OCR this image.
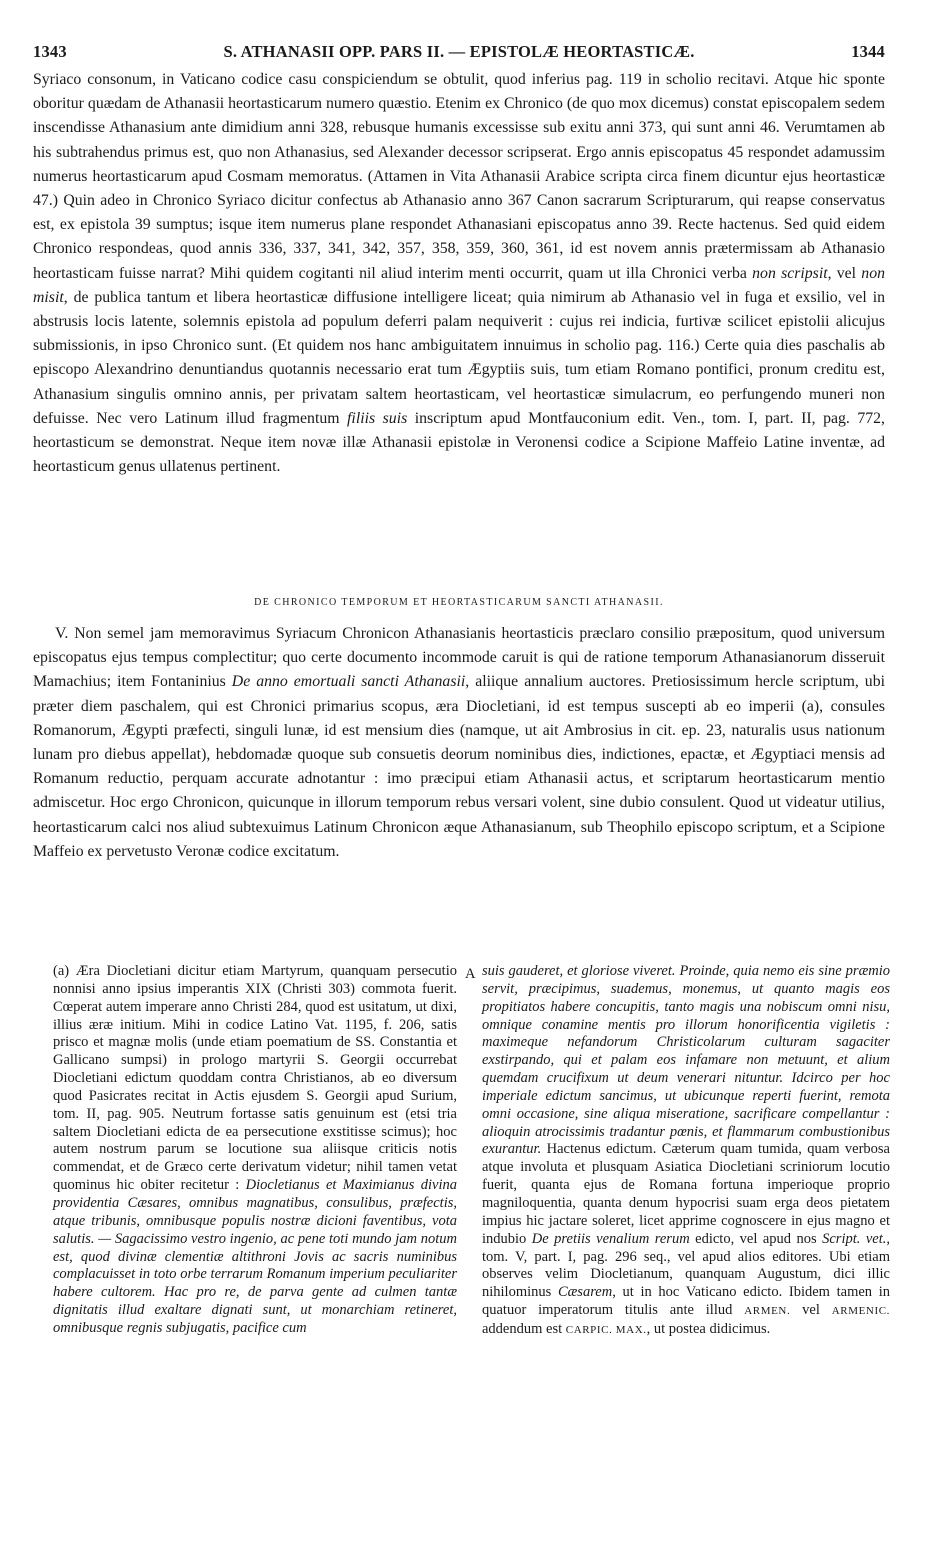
1343	S. ATHANASII OPP. PARS II. — EPISTOLÆ HEORTASTICÆ.	1344

Syriaco consonum, in Vaticano codice casu conspiciendum se obtulit, quod inferius pag. 119 in scholio recitavi. Atque hic sponte oboritur quædam de Athanasii heortasticarum numero quæstio. Etenim ex Chronico (de quo mox dicemus) constat episcopalem sedem inscendisse Athanasium ante dimidium anni 328, rebusque humanis excessisse sub exitu anni 373, qui sunt anni 46. Verumtamen ab his subtrahendus primus est, quo non Athanasius, sed Alexander decessor scripserat. Ergo annis episcopatus 45 respondet adamussim numerus heortasticarum apud Cosmam memoratus. (Attamen in Vita Athanasii Arabice scripta circa finem dicuntur ejus heortasticæ 47.) Quin adeo in Chronico Syriaco dicitur confectus ab Athanasio anno 367 Canon sacrarum Scripturarum, qui reapse conservatus est, ex epistola 39 sumptus; isque item numerus plane respondet Athanasiani episcopatus anno 39. Recte hactenus. Sed quid eidem Chronico respondeas, quod annis 336, 337, 341, 342, 357, 358, 359, 360, 361, id est novem annis prætermissam ab Athanasio heortasticam fuisse narrat? Mihi quidem cogitanti nil aliud interim menti occurrit, quam ut illa Chronici verba non scripsit, vel non misit, de publica tantum et libera heortasticæ diffusione intelligere liceat; quia nimirum ab Athanasio vel in fuga et exsilio, vel in abstrusis locis latente, solemnis epistola ad populum deferri palam nequiverit : cujus rei indicia, furtivæ scilicet epistolii alicujus submissionis, in ipso Chronico sunt. (Et quidem nos hanc ambiguitatem innuimus in scholio pag. 116.) Certe quia dies paschalis ab episcopo Alexandrino denuntiandus quotannis necessario erat tum Ægyptiis suis, tum etiam Romano pontifici, pronum creditu est, Athanasium singulis omnino annis, per privatam saltem heortasticam, vel heortasticæ simulacrum, eo perfungendo muneri non defuisse. Nec vero Latinum illud fragmentum filiis suis inscriptum apud Montfauconium edit. Ven., tom. I, part. II, pag. 772, heortasticum se demonstrat. Neque item novæ illæ Athanasii epistolæ in Veronensi codice a Scipione Maffeio Latine inventæ, ad heortasticum genus ullatenus pertinent.

DE CHRONICO TEMPORUM ET HEORTASTICARUM SANCTI ATHANASII.

V. Non semel jam memoravimus Syriacum Chronicon Athanasianis heortasticis præclaro consilio præpositum, quod universum episcopatus ejus tempus complectitur; quo certe documento incommode caruit is qui de ratione temporum Athanasianorum disseruit Mamachius; item Fontaninius De anno emortuali sancti Athanasii, aliique annalium auctores. Pretiosissimum hercle scriptum, ubi præter diem paschalem, qui est Chronici primarius scopus, æra Diocletiani, id est tempus suscepti ab eo imperii (a), consules Romanorum, Ægypti præfecti, singuli lunæ, id est mensium dies (namque, ut ait Ambrosius in cit. ep. 23, naturalis usus nationum lunam pro diebus appellat), hebdomadæ quoque sub consuetis deorum nominibus dies, indictiones, epactæ, et Ægyptiaci mensis ad Romanum reductio, perquam accurate adnotantur : imo præcipui etiam Athanasii actus, et scriptarum heortasticarum mentio admiscetur. Hoc ergo Chronicon, quicunque in illorum temporum rebus versari volent, sine dubio consulent. Quod ut videatur utilius, heortasticarum calci nos aliud subtexuimus Latinum Chronicon æque Athanasianum, sub Theophilo episcopo scriptum, et a Scipione Maffeio ex pervetusto Veronæ codice excitatum.

(a) Æra Diocletiani dicitur etiam Martyrum, quanquam persecutio nonnisi anno ipsius imperantis XIX (Christi 303) commota fuerit. Cœperat autem imperare anno Christi 284, quod est usitatum, ut dixi, illius æræ initium. Mihi in codice Latino Vat. 1195, f. 206, satis prisco et magnæ molis (unde etiam poematium de SS. Constantia et Gallicano sumpsi) in prologo martyrii S. Georgii occurrebat Diocletiani edictum quoddam contra Christianos, ab eo diversum quod Pasicrates recitat in Actis ejusdem S. Georgii apud Surium, tom. II, pag. 905. Neutrum fortasse satis genuinum est (etsi tria saltem Diocletiani edicta de ea persecutione exstitisse scimus); hoc autem nostrum parum se locutione sua aliisque criticis notis commendat, et de Græco certe derivatum videtur; nihil tamen vetat quominus hic obiter recitetur : Diocletianus et Maximianus divina providentia Cæsares, omnibus magnatibus, consulibus, præfectis, atque tribunis, omnibusque populis nostræ dicioni faventibus, vota salutis. — Sagacissimo vestro ingenio, ac pene toti mundo jam notum est, quod divinæ clementiæ altithroni Jovis ac sacris numinibus complacuisset in toto orbe terrarum Romanum imperium peculiariter habere cultorem. Hac pro re, de parva gente ad culmen tantæ dignitatis illud exaltare dignati sunt, ut monarchiam retineret, omnibusque regnis subjugatis, pacifice cum

A suis gauderet, et gloriose viveret. Proinde, quia nemo eis sine præmio servit, præcipimus, suademus, monemus, ut quanto magis eos propitiatos habere concupitis, tanto magis una nobiscum omni nisu, omnique conamine mentis pro illorum honorificentia vigiletis : maximeque nefandorum Christicolarum culturam sagaciter exstirpando, qui et palam eos infamare non metuunt, et alium quemdam crucifixum ut deum venerari nituntur. Idcirco per hoc imperiale edictum sancimus, ut ubicunque reperti fuerint, remota omni occasione, sine aliqua miseratione, sacrificare compellantur : alioquin atrocissimis tradantur pœnis, et flammarum combustionibus exurantur. Hactenus edictum. Cæterum quam tumida, quam verbosa atque involuta et plusquam Asiatica Diocletiani scriniorum locutio fuerit, quanta ejus de Romana fortuna imperioque proprio magniloquentia, quanta denum hypocrisi suam erga deos pietatem impius hic jactare soleret, licet apprime cognoscere in ejus magno et indubio De pretiis venalium rerum edicto, vel apud nos Script. vet., tom. V, part. I, pag. 296 seq., vel apud alios editores. Ubi etiam observes velim Diocletianum, quanquam Augustum, dici illic nihilominus Cæsarem, ut in hoc Vaticano edicto. Ibidem tamen in quatuor imperatorum titulis ante illud ARMEN. vel ARMENIC. addendum est CARPIC. MAX., ut postea didicimus.
